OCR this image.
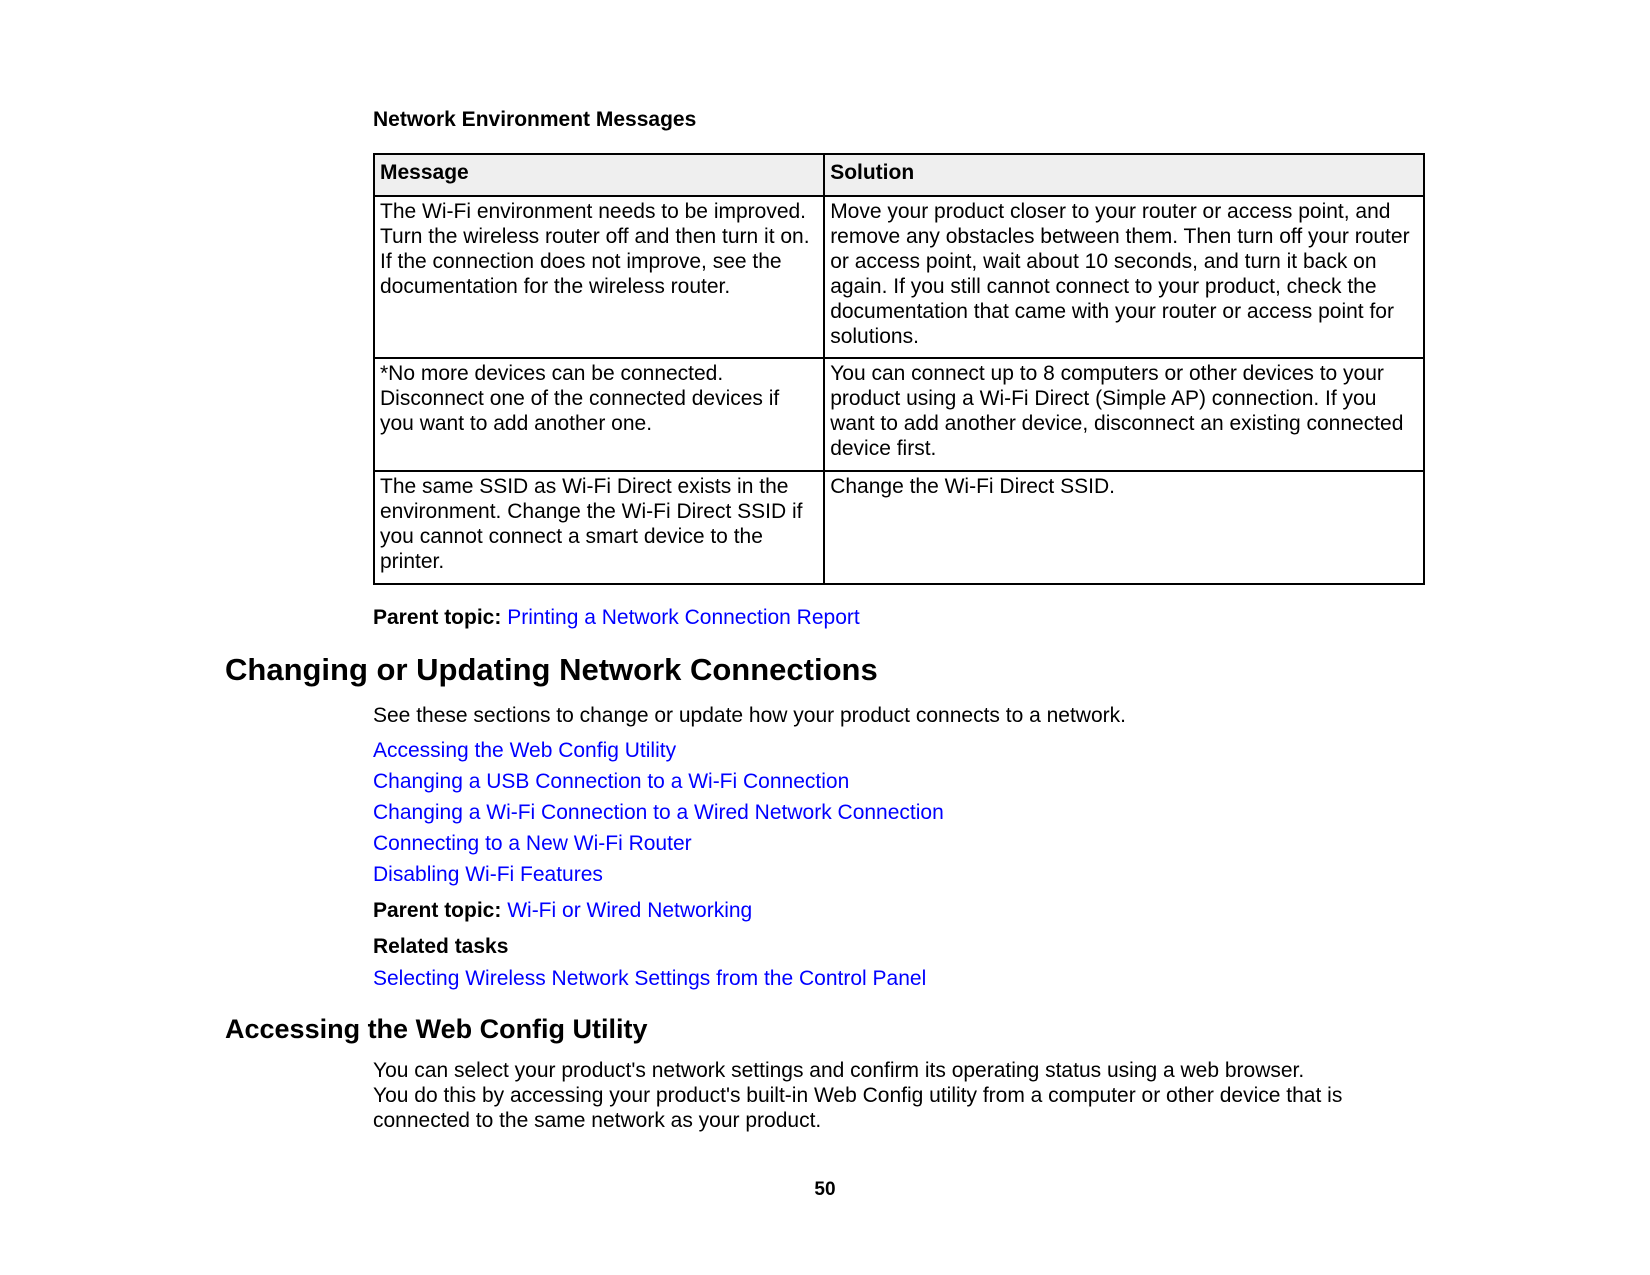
Network Environment Messages
Message	Solution
The Wi-Fi environment needs to be improved. Turn the wireless router off and then turn it on. If the connection does not improve, see the documentation for the wireless router.	Move your product closer to your router or access point, and remove any obstacles between them. Then turn off your router or access point, wait about 10 seconds, and turn it back on again. If you still cannot connect to your product, check the documentation that came with your router or access point for solutions.
*No more devices can be connected. Disconnect one of the connected devices if you want to add another one.	You can connect up to 8 computers or other devices to your product using a Wi-Fi Direct (Simple AP) connection. If you want to add another device, disconnect an existing connected device first.
The same SSID as Wi-Fi Direct exists in the environment. Change the Wi-Fi Direct SSID if you cannot connect a smart device to the printer.	Change the Wi-Fi Direct SSID.
Parent topic: Printing a Network Connection Report
Changing or Updating Network Connections
See these sections to change or update how your product connects to a network.
Accessing the Web Config Utility
Changing a USB Connection to a Wi-Fi Connection
Changing a Wi-Fi Connection to a Wired Network Connection
Connecting to a New Wi-Fi Router
Disabling Wi-Fi Features
Parent topic: Wi-Fi or Wired Networking
Related tasks
Selecting Wireless Network Settings from the Control Panel
Accessing the Web Config Utility
You can select your product's network settings and confirm its operating status using a web browser.
You do this by accessing your product's built-in Web Config utility from a computer or other device that is
connected to the same network as your product.
50
